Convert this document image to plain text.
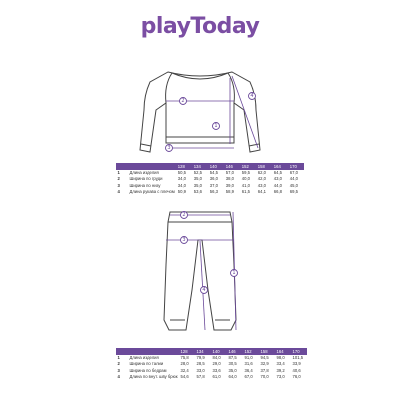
playToday
1
2
3
4
1
2
3
4
		128	134	140	146	152	158	164	170
1	Длина изделия	50,5	52,5	54,5	57,0	59,5	62,0	64,5	67,0
2	Ширина по груди	34,0	35,0	36,0	38,0	40,0	42,0	43,0	44,0
3	Ширина по низу	34,0	35,0	37,0	39,0	41,0	43,0	44,0	45,0
4	Длина рукава с плечом	50,9	53,6	56,3	58,9	61,5	64,1	66,8	69,5
		128	134	140	146	152	158	164	170
1	Длина изделия	75,8	79,9	84,0	87,5	91,0	94,5	98,0	101,5
2	Ширина по талии	28,0	28,5	29,0	30,5	31,6	32,9	33,4	33,9
3	Ширина по бедрам	32,4	33,0	33,6	35,0	36,4	37,8	39,2	40,6
4	Длина по внут. шву брюк	54,6	57,8	61,0	64,0	67,0	70,0	73,0	76,0
